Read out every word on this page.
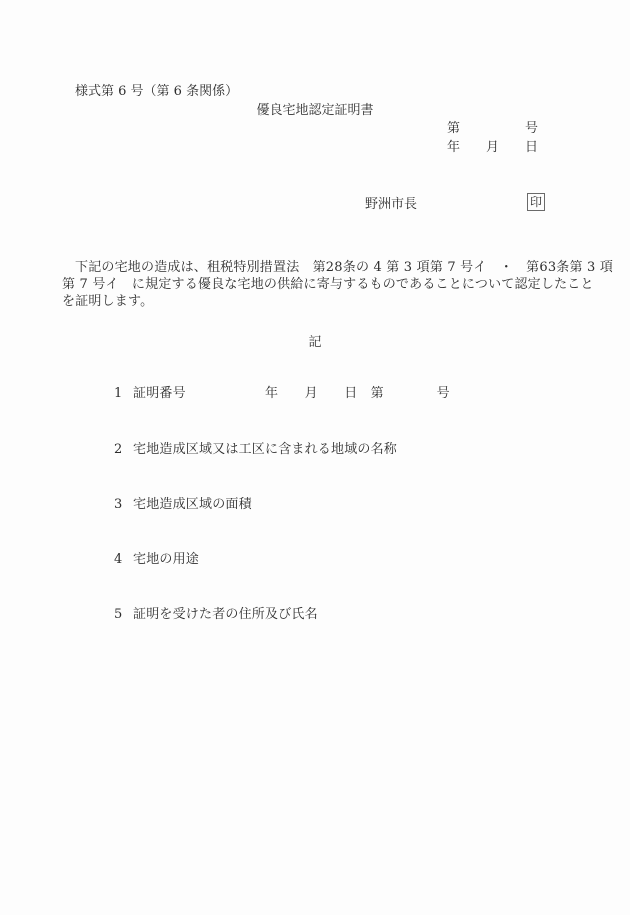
様式第 6 号（第 6 条関係）
優良宅地認定証明書
第　　　　　号
年　　月　　日
野洲市長	印
下記の宅地の造成は、租税特別措置法　第28条の 4 第 3 項第 7 号イ　・　第63条第 3 項
第 7 号イ　に規定する優良な宅地の供給に寄与するものであることについて認定したこと
を証明します。
記

1 証明番号　　　　　　年　　月　　日　第　　　　号

2 宅地造成区域又は工区に含まれる地域の名称

3 宅地造成区域の面積

4 宅地の用途

5 証明を受けた者の住所及び氏名
